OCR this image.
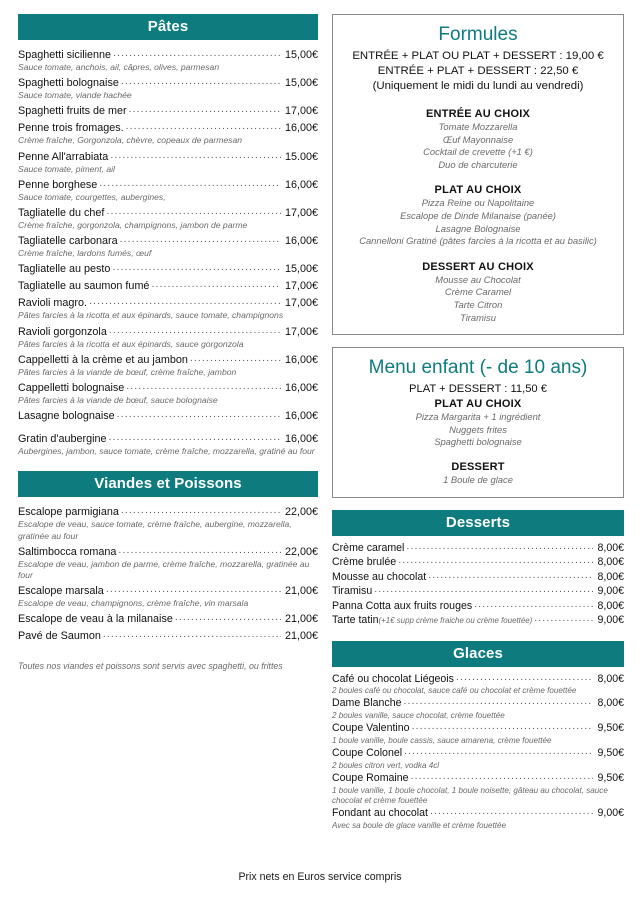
Pâtes
Spaghetti sicilienne .....	15,00€
Sauce tomate, anchois, ail, câpres, olives, parmesan
Spaghetti bolognaise .....	15,00€
Sauce tomate, viande hachée
Spaghetti fruits de mer .....	17,00€
Penne trois fromages. .....	16,00€
Crème fraîche, Gorgonzola, chèvre, copeaux de parmesan
Penne All'arrabiata .....	15.00€
Sauce tomate, piment, ail
Penne borghese .....	16,00€
Sauce tomate, courgettes, aubergines,
Tagliatelle du chef .....	17,00€
Crème fraîche, gorgonzola, champignons, jambon de parme
Tagliatelle carbonara .....	16,00€
Crème fraîche, lardons fumés, œuf
Tagliatelle au pesto .....	15,00€
Tagliatelle au saumon fumé .....	17,00€
Ravioli magro. .....	17,00€
Pâtes farcies à la ricotta et aux épinards, sauce tomate, champignons
Ravioli gorgonzola .....	17,00€
Pâtes farcies à la ricotta et aux épinards, sauce gorgonzola
Cappelletti à la crème et au jambon .....	16,00€
Pâtes farcies à la viande de bœuf, crème fraîche, jambon
Cappelletti bolognaise .....	16,00€
Pâtes farcies à la viande de bœuf, sauce bolognaise
Lasagne bolognaise .....	16,00€
Gratin d'aubergine .....	16,00€
Aubergines, jambon, sauce tomate, crème fraîche, mozzarella, gratiné au four
Viandes et Poissons
Escalope parmigiana .....	22,00€
Escalope de veau, sauce tomate, crème fraîche, aubergine, mozzarella, gratinée au four
Saltimbocca romana .....	22,00€
Escalope de veau, jambon de parme, crème fraîche, mozzarella, gratinée au four
Escalope marsala .....	21,00€
Escalope de veau, champignons, crème fraîche, vin marsala
Escalope de veau à la milanaise .....	21,00€
Pavé de Saumon .....	21,00€
Toutes nos viandes et poissons sont servis avec spaghetti, ou frittes
Formules
ENTRÉE + PLAT OU PLAT + DESSERT : 19,00 €
ENTRÉE + PLAT + DESSERT : 22,50 €
(Uniquement le midi du lundi au vendredi)
ENTRÉE AU CHOIX
Tomate Mozzarella
Œuf Mayonnaise
Cocktail de crevette (+1 €)
Duo de charcuterie
PLAT AU CHOIX
Pizza Reine ou Napolitaine
Escalope de Dinde Milanaise (panée)
Lasagne Bolognaise
Cannelloni Gratiné (pâtes farcies à la ricotta et au basilic)
DESSERT AU CHOIX
Mousse au Chocolat
Crème Caramel
Tarte Citron
Tiramisu
Menu enfant (- de 10 ans)
PLAT + DESSERT : 11,50 €
PLAT AU CHOIX
Pizza Margarita + 1 ingrédient
Nuggets frites
Spaghetti bolognaise
DESSERT
1 Boule de glace
Desserts
Crème caramel .....	8,00€
Crème brulée .....	8,00€
Mousse au chocolat .....	8,00€
Tiramisu .....	9,00€
Panna Cotta aux fruits rouges .....	8,00€
Tarte tatin (+1€ supp crème fraiche ou crème fouettée) .....	9,00€
Glaces
Café ou chocolat Liégeois .....	8,00€
2 boules café ou chocolat, sauce café ou chocolat et crème fouettée
Dame Blanche .....	8,00€
2 boules vanille, sauce chocolat, crème fouettée
Coupe Valentino .....	9,50€
1 boule vanille, boule cassis, sauce amarena, crème fouettée
Coupe Colonel .....	9,50€
2 boules citron vert, vodka 4cl
Coupe Romaine .....	9,50€
1 boule vanille, 1 boule chocolat, 1 boule noisette, gâteau au chocolat, sauce chocolat et crème fouettée
Fondant au chocolat .....	9,00€
Avec sa boule de glace vanille et crème fouettée
Prix nets en Euros service compris
